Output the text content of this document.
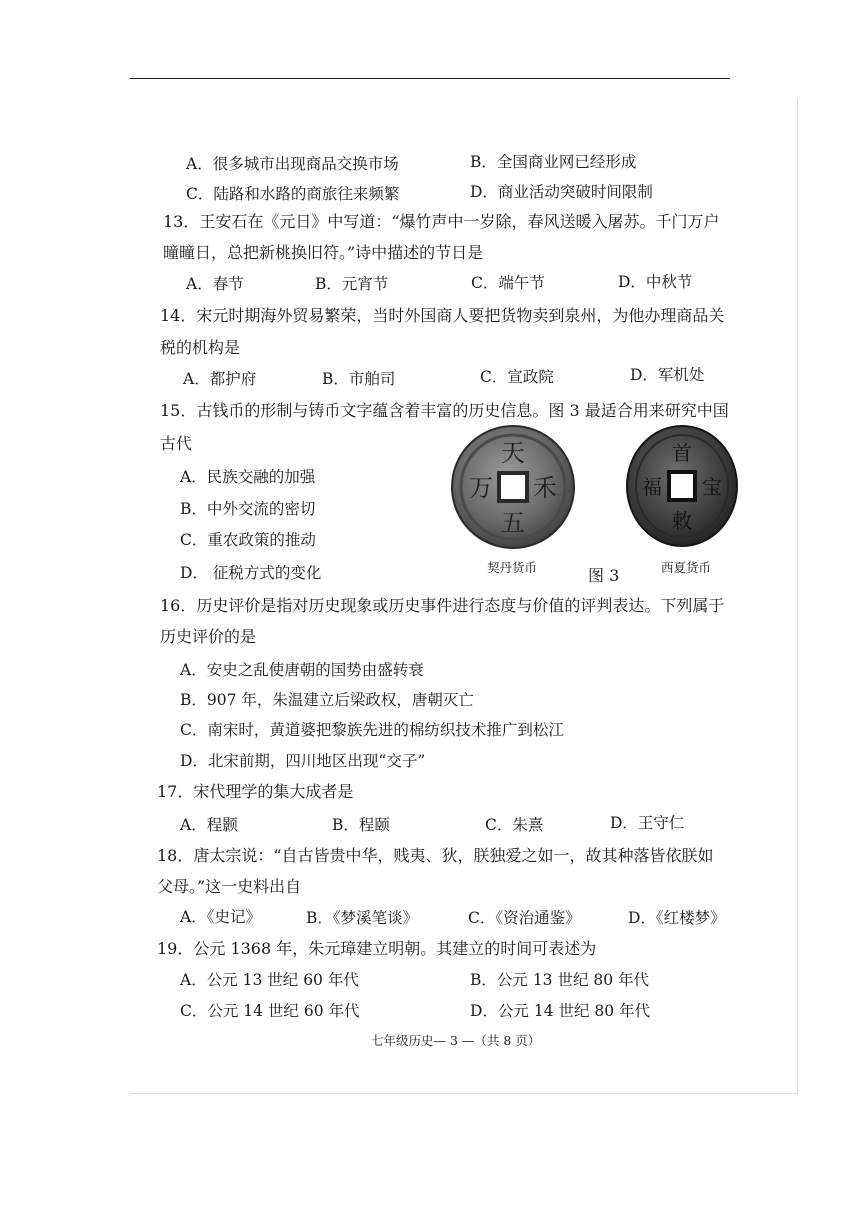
A．很多城市出现商品交换市场	B．全国商业网已经形成
C．陆路和水路的商旅往来频繁	D．商业活动突破时间限制
13．王安石在《元日》中写道：“爆竹声中一岁除，春风送暖入屠苏。千门万户
曈曈日，总把新桃换旧符。”诗中描述的节日是
A．春节	B．元宵节	C．端午节	D．中秋节
14．宋元时期海外贸易繁荣，当时外国商人要把货物卖到泉州，为他办理商品关
税的机构是
A．都护府	B．市舶司	C．宣政院	D．军机处
15．古钱币的形制与铸币文字蕴含着丰富的历史信息。图 3 最适合用来研究中国
古代
A．民族交融的加强
B．中外交流的密切
C．重农政策的推动
D． 征税方式的变化
天
禾
五
万
首
宝
敕
福
契丹货币	图 3	西夏货币
16．历史评价是指对历史现象或历史事件进行态度与价值的评判表达。下列属于
历史评价的是
A．安史之乱使唐朝的国势由盛转衰
B．907 年，朱温建立后梁政权，唐朝灭亡
C．南宋时，黄道婆把黎族先进的棉纺织技术推广到松江
D．北宋前期，四川地区出现“交子”
17．宋代理学的集大成者是
A．程颢	B．程颐	C．朱熹	D．王守仁
18．唐太宗说：“自古皆贵中华，贱夷、狄，朕独爱之如一，故其种落皆依朕如
父母。”这一史料出自
A．《史记》	B．《梦溪笔谈》	C．《资治通鉴》	D．《红楼梦》
19．公元 1368 年，朱元璋建立明朝。其建立的时间可表述为
A．公元 13 世纪 60 年代	B．公元 13 世纪 80 年代
C．公元 14 世纪 60 年代	D．公元 14 世纪 80 年代
七年级历史— 3 —（共 8 页）
